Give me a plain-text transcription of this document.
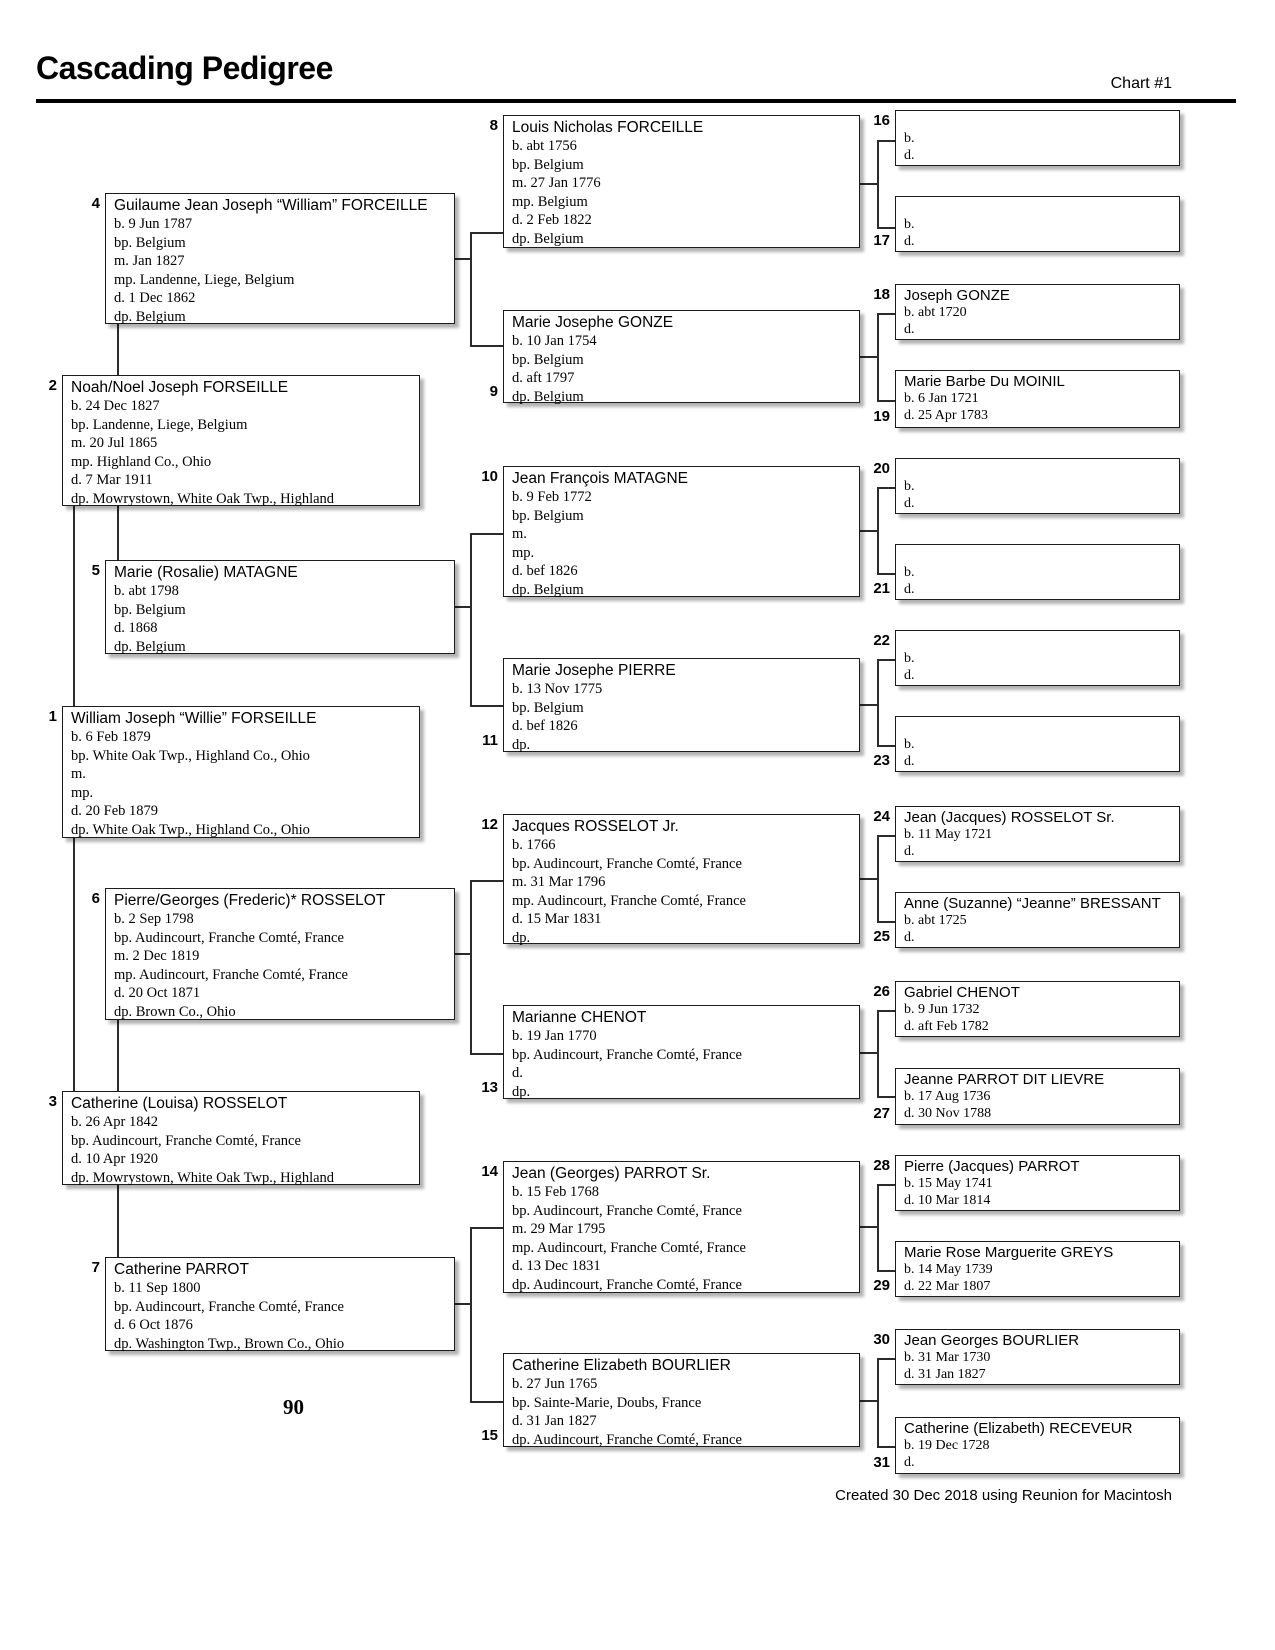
Cascading Pedigree	Chart #1
1 William Joseph “Willie” FORSEILLE
b. 6 Feb 1879
bp. White Oak Twp., Highland Co., Ohio
m.
mp.
d. 20 Feb 1879
dp. White Oak Twp., Highland Co., Ohio
2 Noah/Noel Joseph FORSEILLE
b. 24 Dec 1827
bp. Landenne, Liege, Belgium
m. 20 Jul 1865
mp. Highland Co., Ohio
d. 7 Mar 1911
dp. Mowrystown, White Oak Twp., Highland
3 Catherine (Louisa) ROSSELOT
b. 26 Apr 1842
bp. Audincourt, Franche Comté, France
d. 10 Apr 1920
dp. Mowrystown, White Oak Twp., Highland
4 Guilaume Jean Joseph “William” FORCEILLE
b. 9 Jun 1787
bp. Belgium
m. Jan 1827
mp. Landenne, Liege, Belgium
d. 1 Dec 1862
dp. Belgium
5 Marie (Rosalie) MATAGNE
b. abt 1798
bp. Belgium
d. 1868
dp. Belgium
6 Pierre/Georges (Frederic)* ROSSELOT
b. 2 Sep 1798
bp. Audincourt, Franche Comté, France
m. 2 Dec 1819
mp. Audincourt, Franche Comté, France
d. 20 Oct 1871
dp. Brown Co., Ohio
7 Catherine PARROT
b. 11 Sep 1800
bp. Audincourt, Franche Comté, France
d. 6 Oct 1876
dp. Washington Twp., Brown Co., Ohio
8 Louis Nicholas FORCEILLE
b. abt 1756
bp. Belgium
m. 27 Jan 1776
mp. Belgium
d. 2 Feb 1822
dp. Belgium
9
Marie Josephe GONZE
b. 10 Jan 1754
bp. Belgium
d. aft 1797
dp. Belgium
10 Jean François MATAGNE
b. 9 Feb 1772
bp. Belgium
m.
mp.
d. bef 1826
dp. Belgium
11
Marie Josephe PIERRE
b. 13 Nov 1775
bp. Belgium
d. bef 1826
dp.
12 Jacques ROSSELOT Jr.
b. 1766
bp. Audincourt, Franche Comté, France
m. 31 Mar 1796
mp. Audincourt, Franche Comté, France
d. 15 Mar 1831
dp.
13
Marianne CHENOT
b. 19 Jan 1770
bp. Audincourt, Franche Comté, France
d.
dp.
14 Jean (Georges) PARROT Sr.
b. 15 Feb 1768
bp. Audincourt, Franche Comté, France
m. 29 Mar 1795
mp. Audincourt, Franche Comté, France
d. 13 Dec 1831
dp. Audincourt, Franche Comté, France
15
Catherine Elizabeth BOURLIER
b. 27 Jun 1765
bp. Sainte-Marie, Doubs, France
d. 31 Jan 1827
dp. Audincourt, Franche Comté, France
16
b.
d.
17
b.
d.
18 Joseph GONZE
b. abt 1720
d.
19
Marie Barbe Du MOINIL
b. 6 Jan 1721
d. 25 Apr 1783
20
b.
d.
21
b.
d.
22
b.
d.
23
b.
d.
24 Jean (Jacques) ROSSELOT Sr.
b. 11 May 1721
d.
25
Anne (Suzanne) “Jeanne” BRESSANT
b. abt 1725
d.
26 Gabriel CHENOT
b. 9 Jun 1732
d. aft Feb 1782
27
Jeanne PARROT DIT LIEVRE
b. 17 Aug 1736
d. 30 Nov 1788
28 Pierre (Jacques) PARROT
b. 15 May 1741
d. 10 Mar 1814
29
Marie Rose Marguerite GREYS
b. 14 May 1739
d. 22 Mar 1807
30 Jean Georges BOURLIER
b. 31 Mar 1730
d. 31 Jan 1827
31
Catherine (Elizabeth) RECEVEUR
b. 19 Dec 1728
d.
90
Created 30 Dec 2018 using Reunion for Macintosh
